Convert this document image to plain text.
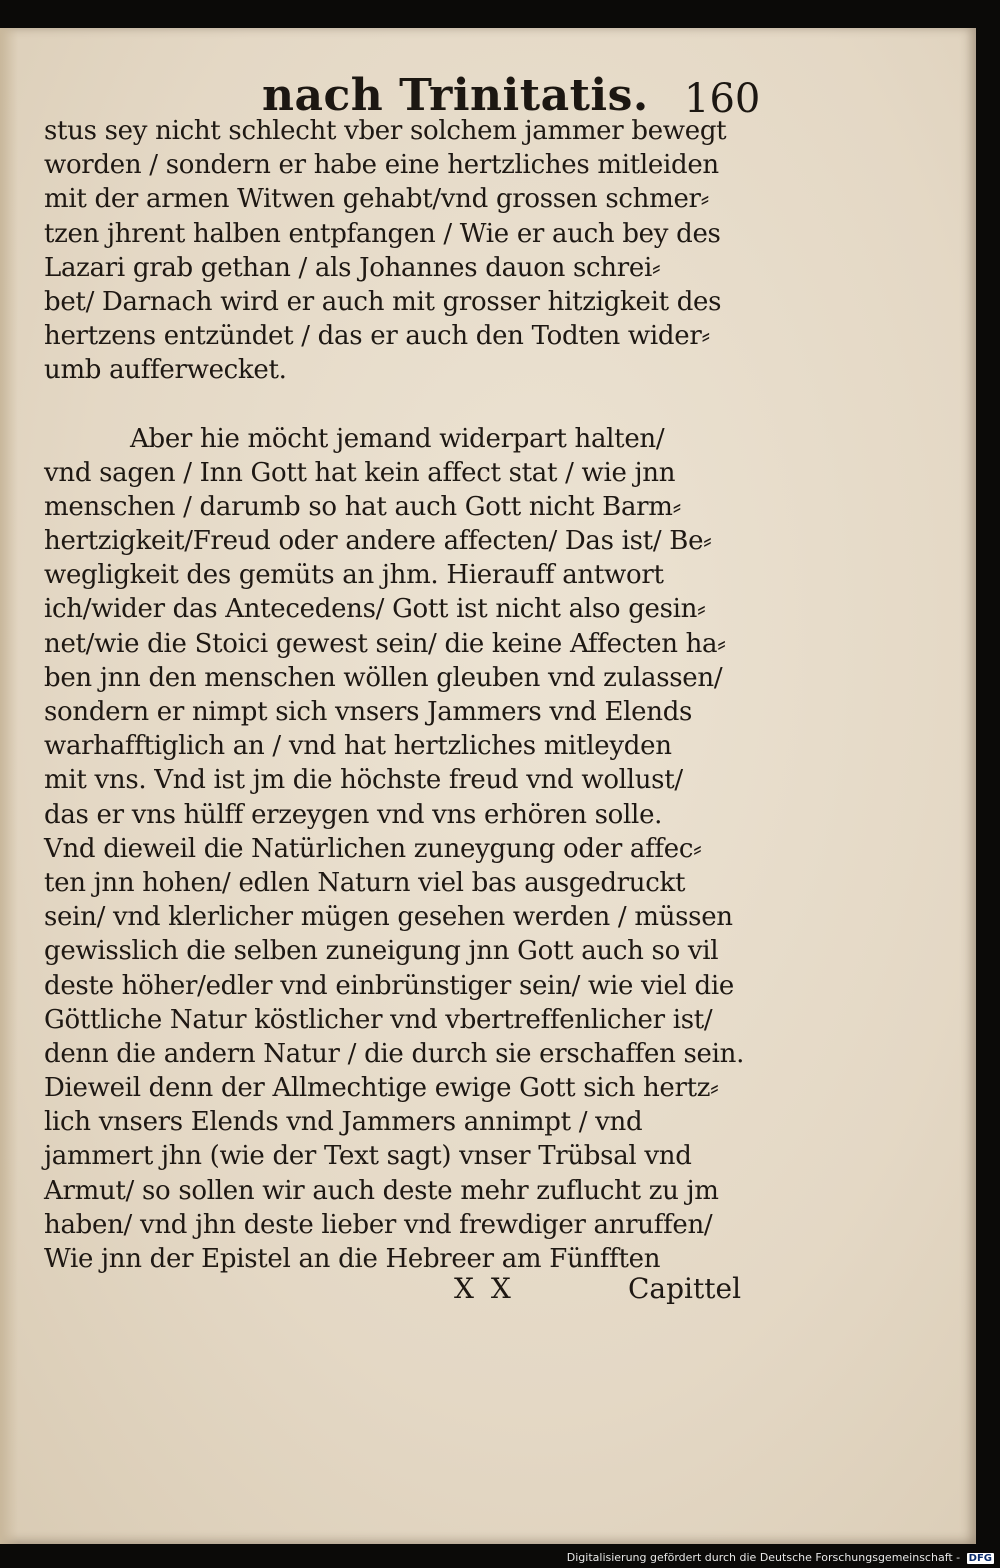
nach Trinitatis. 160
stus sey nicht schlecht vber solchem jammer bewegt
worden / sondern er habe eine hertzliches mitleiden
mit der armen Witwen gehabt/vnd grossen schmer⸗
tzen jhrent halben entpfangen / Wie er auch bey des
Lazari grab gethan / als Johannes dauon schrei⸗
bet/ Darnach wird er auch mit grosser hitzigkeit des
hertzens entzündet / das er auch den Todten wider⸗
umb aufferwecket.
Aber hie möcht jemand widerpart halten/
vnd sagen / Inn Gott hat kein affect stat / wie jnn
menschen / darumb so hat auch Gott nicht Barm⸗
hertzigkeit/Freud oder andere affecten/ Das ist/ Be⸗
wegligkeit des gemüts an jhm. Hierauff antwort
ich/wider das Antecedens/ Gott ist nicht also gesin⸗
net/wie die Stoici gewest sein/ die keine Affecten ha⸗
ben jnn den menschen wöllen gleuben vnd zulassen/
sondern er nimpt sich vnsers Jammers vnd Elends
warhafftiglich an / vnd hat hertzliches mitleyden
mit vns. Vnd ist jm die höchste freud vnd wollust/
das er vns hülff erzeygen vnd vns erhören solle.
Vnd dieweil die Natürlichen zuneygung oder affec⸗
ten jnn hohen/ edlen Naturn viel bas ausgedruckt
sein/ vnd klerlicher mügen gesehen werden / müssen
gewisslich die selben zuneigung jnn Gott auch so vil
deste höher/edler vnd einbrünstiger sein/ wie viel die
Göttliche Natur köstlicher vnd vbertreffenlicher ist/
denn die andern Natur / die durch sie erschaffen sein.
Dieweil denn der Allmechtige ewige Gott sich hertz⸗
lich vnsers Elends vnd Jammers annimpt / vnd
jammert jhn (wie der Text sagt) vnser Trübsal vnd
Armut/ so sollen wir auch deste mehr zuflucht zu jm
haben/ vnd jhn deste lieber vnd frewdiger anruffen/
Wie jnn der Epistel an die Hebreer am Fünfften
X X	Capittel
Digitalisierung gefördert durch die Deutsche Forschungsgemeinschaft - DFG
